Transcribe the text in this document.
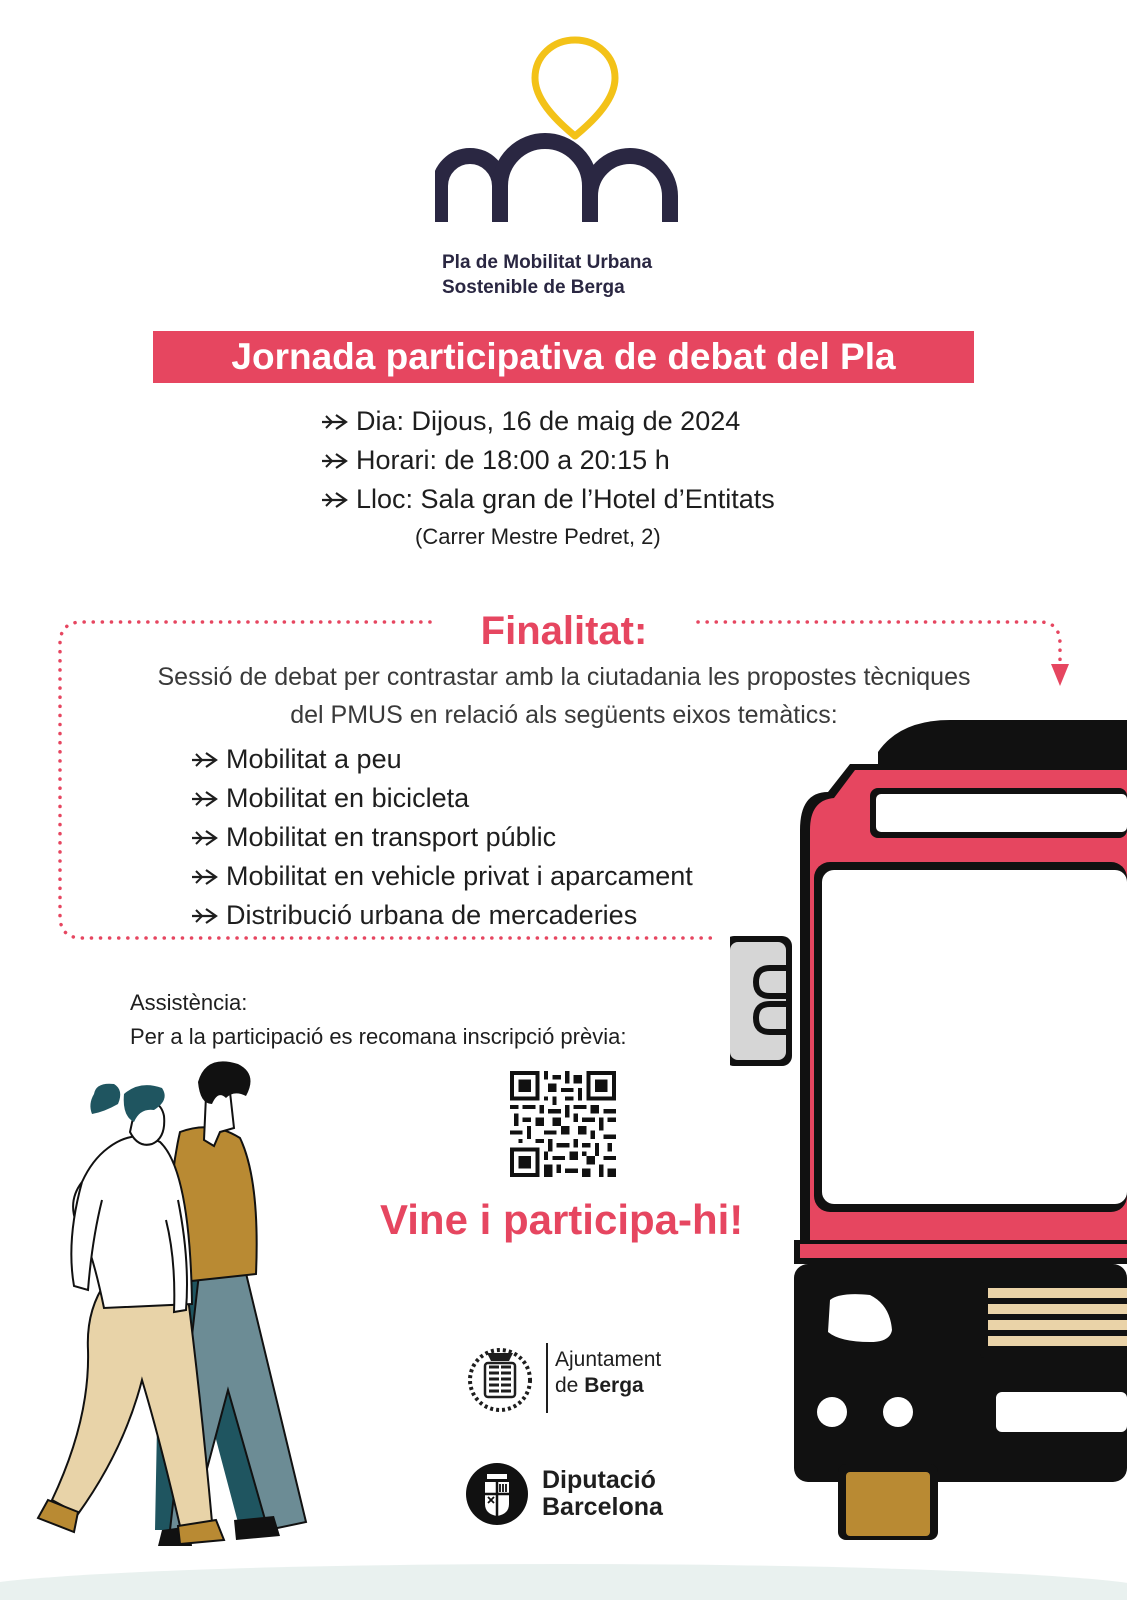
Pla de Mobilitat Urbana
Sostenible de Berga
Jornada participativa de debat del Pla
Dia: Dijous, 16 de maig de 2024
Horari: de 18:00 a 20:15 h
Lloc: Sala gran de l’Hotel d’Entitats
(Carrer Mestre Pedret, 2)
Finalitat:
Sessió de debat per contrastar amb la ciutadania les propostes tècniques
del PMUS en relació als següents eixos temàtics:
Mobilitat a peu
Mobilitat en bicicleta
Mobilitat en transport públic
Mobilitat en vehicle privat i aparcament
Distribució urbana de mercaderies
Assistència:
Per a la participació es recomana inscripció prèvia:
Vine i participa-hi!
Ajuntament
de Berga
Diputació
Barcelona
